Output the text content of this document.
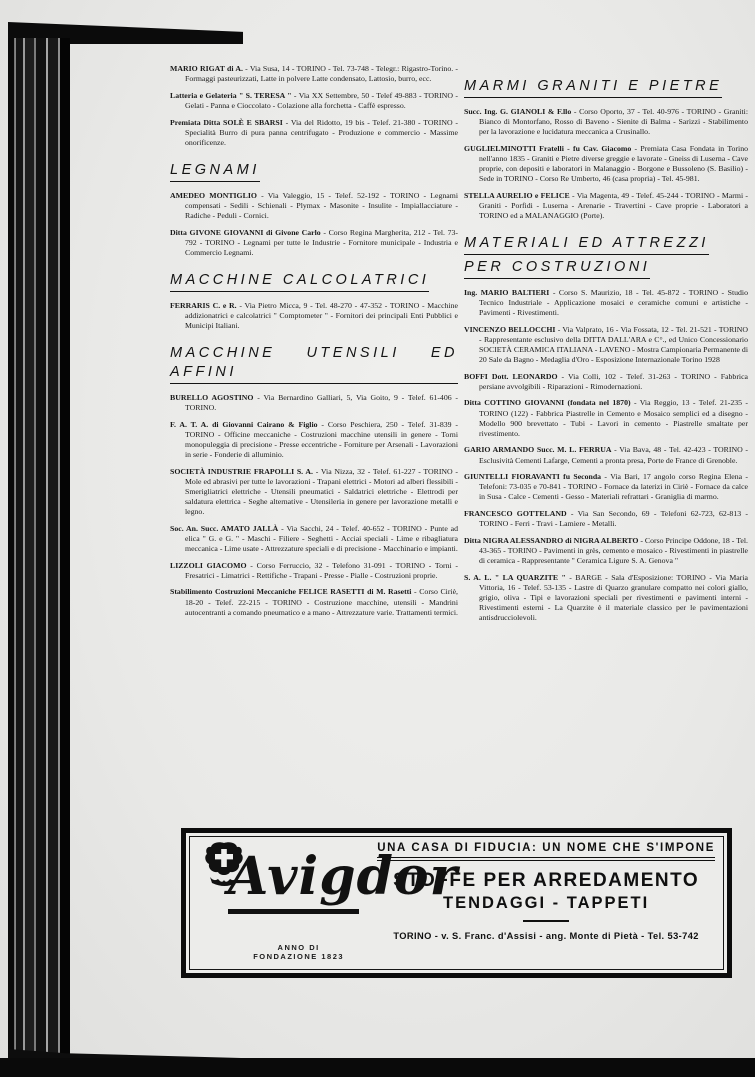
MARIO RIGAT di A. - Via Susa, 14 - TORINO - Tel. 73-748 - Telegr.: Rigastro-Torino. - Formaggi pasteurizzati, Latte in polvere Latte condensato, Lattosio, burro, ecc.
Latteria e Gelateria " S. TERESA " - Via XX Settembre, 50 - Telef 49-883 - TORINO - Gelati - Panna e Cioccolato - Colazione alla forchetta - Caffè espresso.
Premiata Ditta SOLÈ E SBARSI - Via del Ridotto, 19 bis - Telef. 21-380 - TORINO - Specialità Burro di pura panna centrifugato - Produzione e commercio - Massime onorificenze.
LEGNAMI
AMEDEO MONTIGLIO - Via Valeggio, 15 - Telef. 52-192 - TORINO - Legnami compensati - Sedili - Schienali - Plymax - Masonite - Insulite - Impiallacciature - Radiche - Peduli - Cornici.
Ditta GIVONE GIOVANNI di Givone Carlo - Corso Regina Margherita, 212 - Tel. 73-792 - TORINO - Legnami per tutte le Industrie - Fornitore municipale - Industria e Commercio Legnami.
MACCHINE CALCOLATRICI
FERRARIS C. e R. - Via Pietro Micca, 9 - Tel. 48-270 - 47-352 - TORINO - Macchine addizionatrici e calcolatrici " Comptometer " - Fornitori dei principali Enti Pubblici e Municipi Italiani.
MACCHINE UTENSILI ED AFFINI
BURELLO AGOSTINO - Via Bernardino Galliari, 5, Via Goito, 9 - Telef. 61-406 - TORINO.
F. A. T. A. di Giovanni Cairano & Figlio - Corso Peschiera, 250 - Telef. 31-839 - TORINO - Officine meccaniche - Costruzioni macchine utensili in genere - Torni monopuleggia di precisione - Presse eccentriche - Forniture per Arsenali - Lavorazioni in serie - Fonderie di alluminio.
SOCIETÀ INDUSTRIE FRAPOLLI S. A. - Via Nizza, 32 - Telef. 61-227 - TORINO - Mole ed abrasivi per tutte le lavorazioni - Trapani elettrici - Motori ad alberi flessibili - Smerigliatrici elettriche - Utensili pneumatici - Saldatrici elettriche - Elettrodi per saldatura elettrica - Seghe alternative - Utensileria in genere per lavorazione metalli e legno.
Soc. An. Succ. AMATO JALLÀ - Via Sacchi, 24 - Telef. 40-652 - TORINO - Punte ad elica " G. e G. " - Maschi - Filiere - Seghetti - Acciai speciali - Lime e ribagliatura meccanica - Lime usate - Attrezzature speciali e di precisione - Macchinario e impianti.
LIZZOLI GIACOMO - Corso Ferruccio, 32 - Telefono 31-091 - TORINO - Torni - Fresatrici - Limatrici - Rettifiche - Trapani - Presse - Pialle - Costruzioni proprie.
Stabilimento Costruzioni Meccaniche FELICE RASETTI di M. Rasetti - Corso Ciriè, 18-20 - Telef. 22-215 - TORINO - Costruzione macchine, utensili - Mandrini autocentranti a comando pneumatico e a mano - Attrezzature varie. Trattamenti termici.
MARMI GRANITI E PIETRE
Succ. Ing. G. GIANOLI & F.llo - Corso Oporto, 37 - Tel. 40-976 - TORINO - Graniti: Bianco di Montorfano, Rosso di Baveno - Sienite di Balma - Sarizzi - Stabilimento per la lavorazione e lucidatura meccanica a Crusinallo.
GUGLIELMINOTTI Fratelli - fu Cav. Giacomo - Premiata Casa Fondata in Torino nell'anno 1835 - Graniti e Pietre diverse greggie e lavorate - Gneiss di Luserna - Cave proprie, con depositi e laboratori in Malanaggio - Borgone e Bussoleno (S. Basilio) - Sede in TORINO - Corso Re Umberto, 46 (casa propria) - Tel. 45-981.
STELLA AURELIO e FELICE - Via Magenta, 49 - Telef. 45-244 - TORINO - Marmi - Graniti - Porfidi - Luserna - Arenarie - Travertini - Cave proprie - Laboratori a TORINO ed a MALANAGGIO (Porte).
MATERIALI ED ATTREZZI
PER COSTRUZIONI
Ing. MARIO BALTIERI - Corso S. Maurizio, 18 - Tel. 45-872 - TORINO - Studio Tecnico Industriale - Applicazione mosaici e ceramiche comuni e artistiche - Pavimenti - Rivestimenti.
VINCENZO BELLOCCHI - Via Valprato, 16 - Via Fossata, 12 - Tel. 21-521 - TORINO - Rappresentante esclusivo della DITTA DALL'ARA e C°., ed Unico Concessionario SOCIETÀ CERAMICA ITALIANA - LAVENO - Mostra Campionaria Permanente di 20 Sale da Bagno - Medaglia d'Oro - Esposizione Internazionale Torino 1928
BOFFI Dott. LEONARDO - Via Colli, 102 - Telef. 31-263 - TORINO - Fabbrica persiane avvolgibili - Riparazioni - Rimodernazioni.
Ditta COTTINO GIOVANNI (fondata nel 1870) - Via Reggio, 13 - Telef. 21-235 - TORINO (122) - Fabbrica Piastrelle in Cemento e Mosaico semplici ed a disegno - Modello 900 brevettato - Tubi - Lavori in cemento - Piastrelle smaltate per rivestimento.
GARIO ARMANDO Succ. M. L. FERRUA - Via Bava, 48 - Tel. 42-423 - TORINO - Esclusività Cementi Lafarge, Cementi a pronta presa, Porte de France di Grenoble.
GIUNTELLI FIORAVANTI fu Seconda - Via Bari, 17 angolo corso Regina Elena - Telefoni: 73-035 e 70-841 - TORINO - Fornace da laterizi in Ciriè - Fornace da calce in Susa - Calce - Cementi - Gesso - Materiali refrattari - Graniglia di marmo.
FRANCESCO GOTTELAND - Via San Secondo, 69 - Telefoni 62-723, 62-813 - TORINO - Ferri - Travi - Lamiere - Metalli.
Ditta NIGRA ALESSANDRO di NIGRA ALBERTO - Corso Principe Oddone, 18 - Tel. 43-365 - TORINO - Pavimenti in grès, cemento e mosaico - Rivestimenti in piastrelle di ceramica - Rappresentante " Ceramica Ligure S. A. Genova "
S. A. L. " LA QUARZITE " - BARGE - Sala d'Esposizione: TORINO - Via Maria Vittoria, 16 - Telef. 53-135 - Lastre di Quarzo granulare compatto nei colori giallo, grigio, oliva - Tipi e lavorazioni speciali per rivestimenti e pavimenti interni - Rivestimenti esterni - La Quarzite è il materiale classico per le pavimentazioni antisdrucciolevoli.
Avigdor
ANNO DI FONDAZIONE 1823
UNA CASA DI FIDUCIA: UN NOME CHE S'IMPONE
STOFFE PER ARREDAMENTO
TENDAGGI - TAPPETI
TORINO - v. S. Franc. d'Assisi - ang. Monte di Pietà - Tel. 53-742
